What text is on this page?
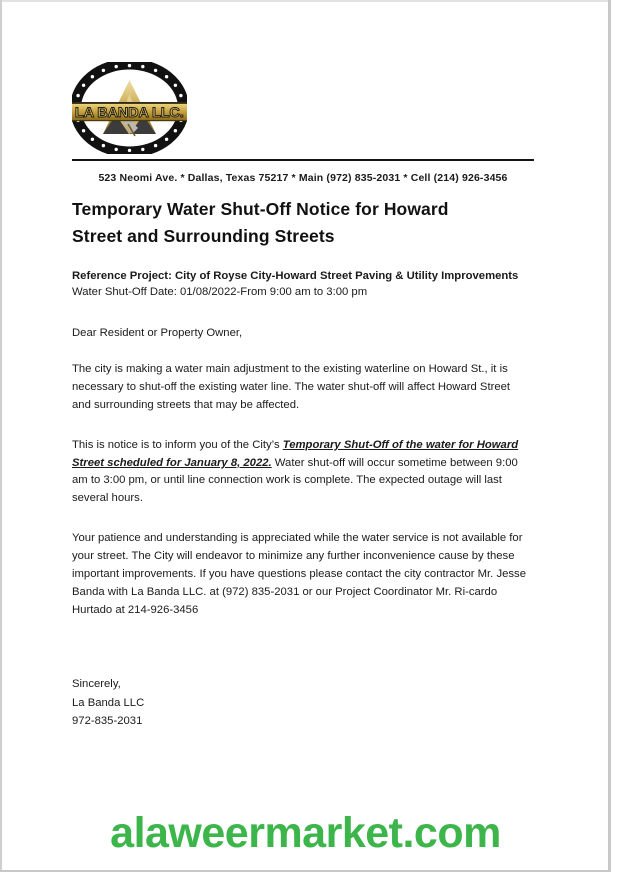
LA BANDA LLC.
523 Neomi Ave. * Dallas, Texas 75217 * Main (972) 835-2031 * Cell (214) 926-3456
Temporary Water Shut-Off Notice for Howard
Street and Surrounding Streets
Reference Project: City of Royse City-Howard Street Paving & Utility Improvements
Water Shut-Off Date: 01/08/2022-From 9:00 am to 3:00 pm
Dear Resident or Property Owner,

The city is making a water main adjustment to the existing waterline on Howard St., it is necessary to shut-off the existing water line. The water shut-off will affect Howard Street and surrounding streets that may be affected.

This is notice is to inform you of the City’s Temporary Shut-Off of the water for Howard Street scheduled for January 8, 2022. Water shut-off will occur sometime between 9:00 am to 3:00 pm, or until line connection work is complete. The expected outage will last several hours.

Your patience and understanding is appreciated while the water service is not available for your street. The City will endeavor to minimize any further inconvenience cause by these important improvements. If you have questions please contact the city contractor Mr. Jesse Banda with La Banda LLC. at (972) 835-2031 or our Project Coordinator Mr. Ri-cardo Hurtado at 214-926-3456

Sincerely,
La Banda LLC
972-835-2031
alaweermarket.com
